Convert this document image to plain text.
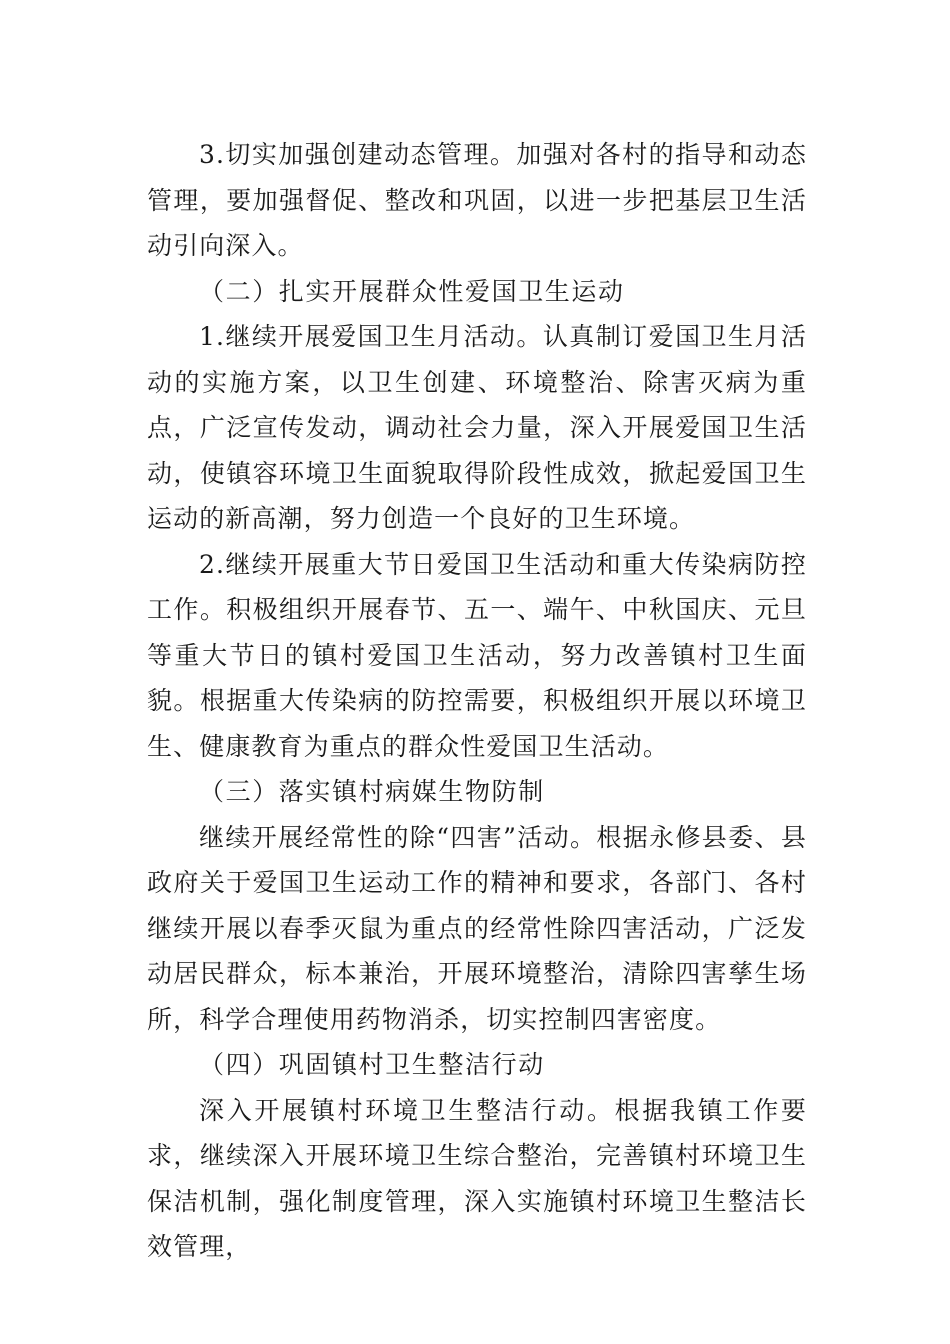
3.切实加强创建动态管理。加强对各村的指导和动态管理，要加强督促、整改和巩固，以进一步把基层卫生活动引向深入。

（二）扎实开展群众性爱国卫生运动

1.继续开展爱国卫生月活动。认真制订爱国卫生月活动的实施方案，以卫生创建、环境整治、除害灭病为重点，广泛宣传发动，调动社会力量，深入开展爱国卫生活动，使镇容环境卫生面貌取得阶段性成效，掀起爱国卫生运动的新高潮，努力创造一个良好的卫生环境。

2.继续开展重大节日爱国卫生活动和重大传染病防控工作。积极组织开展春节、五一、端午、中秋国庆、元旦等重大节日的镇村爱国卫生活动，努力改善镇村卫生面貌。根据重大传染病的防控需要，积极组织开展以环境卫生、健康教育为重点的群众性爱国卫生活动。

（三）落实镇村病媒生物防制

继续开展经常性的除“四害”活动。根据永修县委、县政府关于爱国卫生运动工作的精神和要求，各部门、各村继续开展以春季灭鼠为重点的经常性除四害活动，广泛发动居民群众，标本兼治，开展环境整治，清除四害孳生场所，科学合理使用药物消杀，切实控制四害密度。

（四）巩固镇村卫生整洁行动

深入开展镇村环境卫生整洁行动。根据我镇工作要求，继续深入开展环境卫生综合整治，完善镇村环境卫生保洁机制，强化制度管理，深入实施镇村环境卫生整洁长效管理，
